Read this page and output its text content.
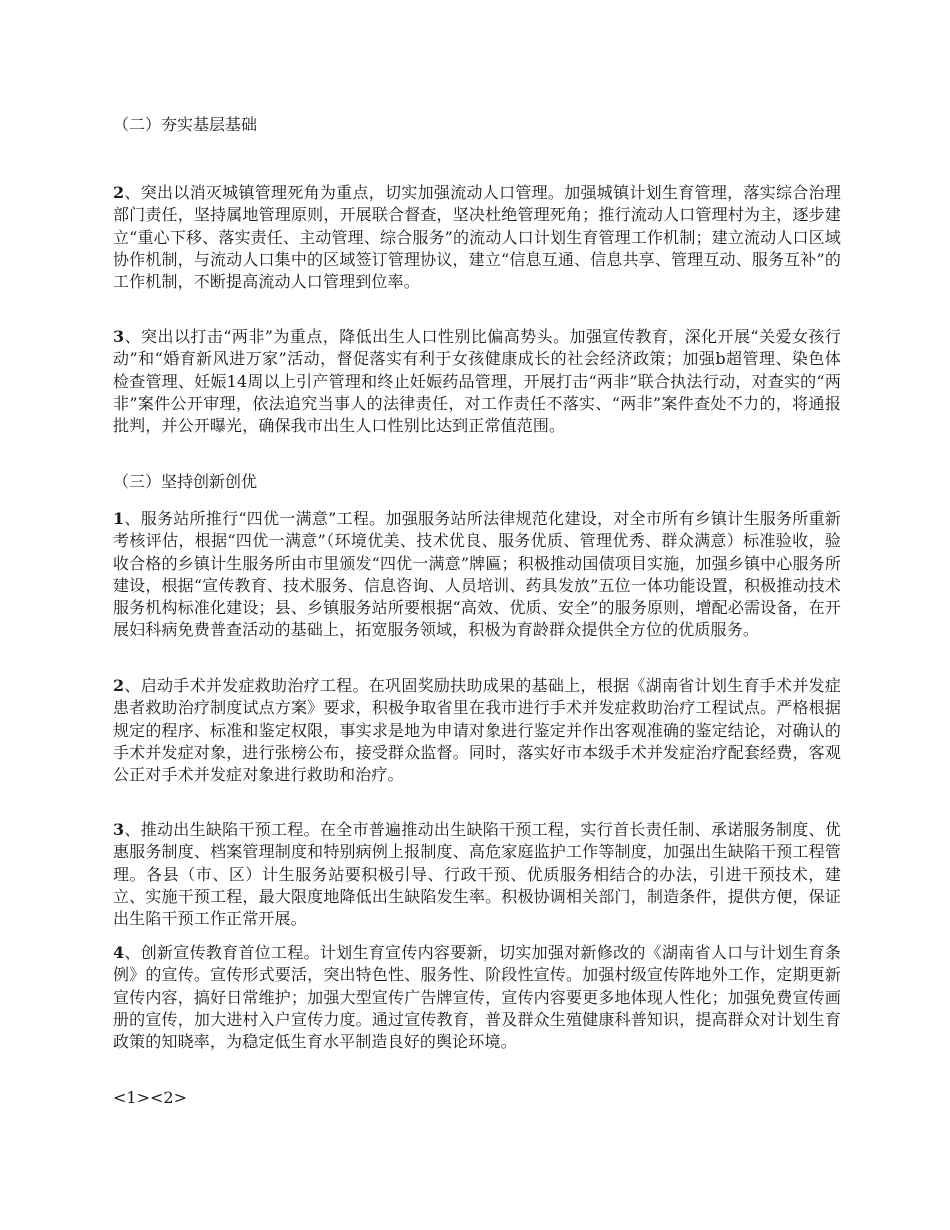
（二）夯实基层基础
2、突出以消灭城镇管理死角为重点，切实加强流动人口管理。加强城镇计划生育管理，落实综合治理部门责任，坚持属地管理原则，开展联合督查，坚决杜绝管理死角；推行流动人口管理村为主，逐步建立“重心下移、落实责任、主动管理、综合服务”的流动人口计划生育管理工作机制；建立流动人口区域协作机制，与流动人口集中的区域签订管理协议，建立“信息互通、信息共享、管理互动、服务互补”的工作机制，不断提高流动人口管理到位率。
3、突出以打击“两非”为重点，降低出生人口性别比偏高势头。加强宣传教育，深化开展“关爱女孩行动”和“婚育新风进万家”活动，督促落实有利于女孩健康成长的社会经济政策；加强b超管理、染色体检查管理、妊娠14周以上引产管理和终止妊娠药品管理，开展打击“两非”联合执法行动，对查实的“两非”案件公开审理，依法追究当事人的法律责任，对工作责任不落实、“两非”案件查处不力的，将通报批判，并公开曝光，确保我市出生人口性别比达到正常值范围。
（三）坚持创新创优
1、服务站所推行“四优一满意”工程。加强服务站所法律规范化建设，对全市所有乡镇计生服务所重新考核评估，根据“四优一满意”（环境优美、技术优良、服务优质、管理优秀、群众满意）标准验收，验收合格的乡镇计生服务所由市里颁发“四优一满意”牌匾；积极推动国债项目实施，加强乡镇中心服务所建设，根据“宣传教育、技术服务、信息咨询、人员培训、药具发放”五位一体功能设置，积极推动技术服务机构标准化建设；县、乡镇服务站所要根据“高效、优质、安全”的服务原则，增配必需设备，在开展妇科病免费普查活动的基础上，拓宽服务领域，积极为育龄群众提供全方位的优质服务。
2、启动手术并发症救助治疗工程。在巩固奖励扶助成果的基础上，根据《湖南省计划生育手术并发症患者救助治疗制度试点方案》要求，积极争取省里在我市进行手术并发症救助治疗工程试点。严格根据规定的程序、标准和鉴定权限，事实求是地为申请对象进行鉴定并作出客观准确的鉴定结论，对确认的手术并发症对象，进行张榜公布，接受群众监督。同时，落实好市本级手术并发症治疗配套经费，客观公正对手术并发症对象进行救助和治疗。
3、推动出生缺陷干预工程。在全市普遍推动出生缺陷干预工程，实行首长责任制、承诺服务制度、优惠服务制度、档案管理制度和特别病例上报制度、高危家庭监护工作等制度，加强出生缺陷干预工程管理。各县（市、区）计生服务站要积极引导、行政干预、优质服务相结合的办法，引进干预技术，建立、实施干预工程，最大限度地降低出生缺陷发生率。积极协调相关部门，制造条件，提供方便，保证出生陷干预工作正常开展。
4、创新宣传教育首位工程。计划生育宣传内容要新，切实加强对新修改的《湖南省人口与计划生育条例》的宣传。宣传形式要活，突出特色性、服务性、阶段性宣传。加强村级宣传阵地外工作，定期更新宣传内容，搞好日常维护；加强大型宣传广告牌宣传，宣传内容要更多地体现人性化；加强免费宣传画册的宣传，加大进村入户宣传力度。通过宣传教育，普及群众生殖健康科普知识，提高群众对计划生育政策的知晓率，为稳定低生育水平制造良好的舆论环境。
<1><2>
